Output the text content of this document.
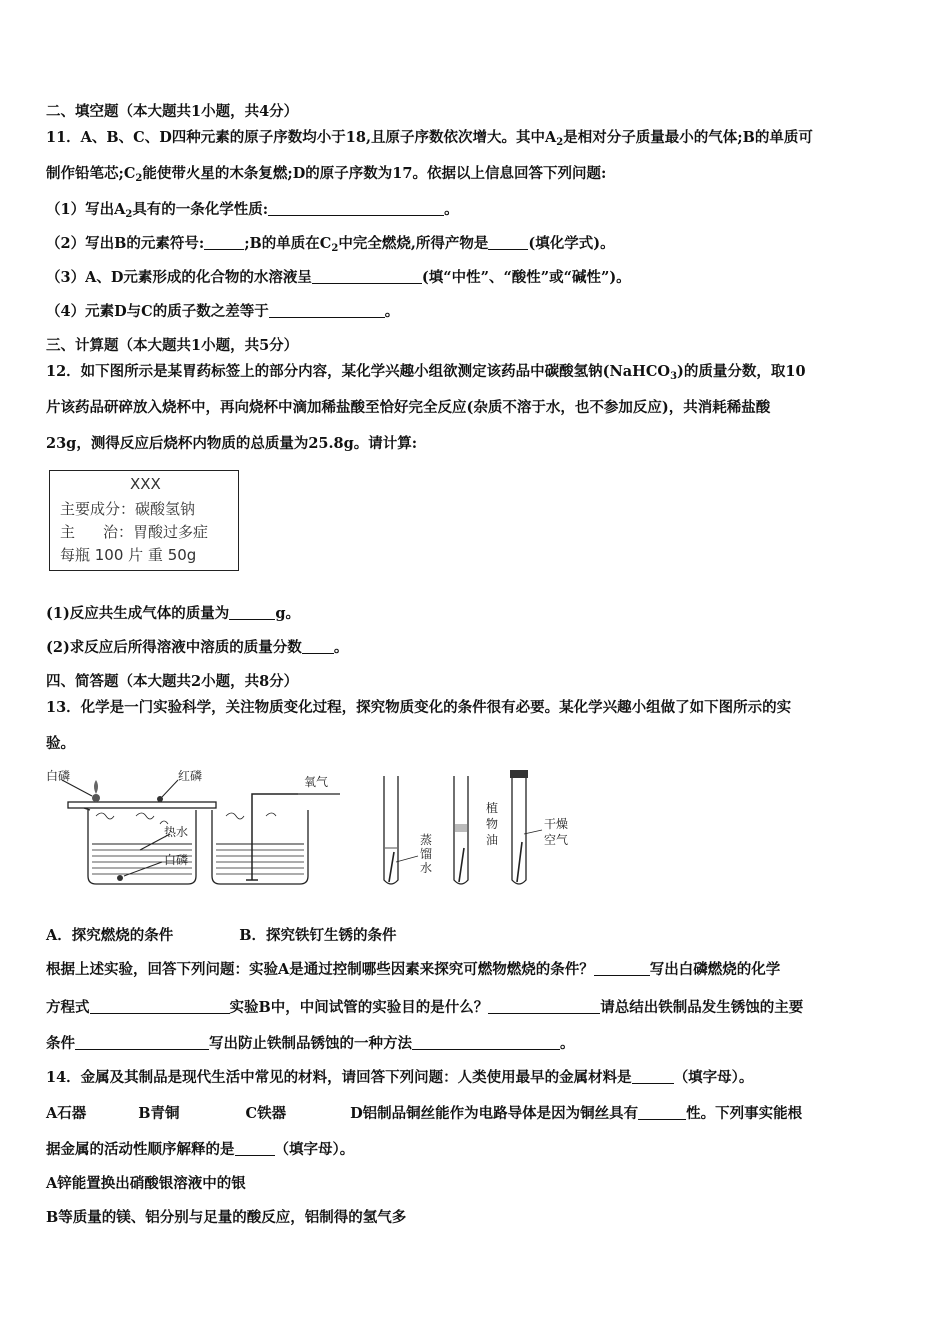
二、填空题（本大题共1小题，共4分）
11．A、B、C、D四种元素的原子序数均小于18,且原子序数依次增大。其中$A_2$是相对分子质量最小的气体;B的单质可
制作铅笔芯$;C_2$能使带火星的木条复燃;D的原子序数为17。依据以上信息回答下列问题:
（1）写出$A_2$具有的一条化学性质:	。
（2）写出B的元素符号:	;B的单质在$C_2$中完全燃烧,所得产物是	(填化学式)。
（3）A、D元素形成的化合物的水溶液呈	(填“中性”、“酸性”或“碱性”)。
（4）元素D与C的质子数之差等于	。
三、计算题（本大题共1小题，共5分）
12．如下图所示是某胃药标签上的部分内容，某化学兴趣小组欲测定该药品中碳酸氢钠(NaHCO$_3$)的质量分数，取10
片该药品研碎放入烧杯中，再向烧杯中滴加稀盐酸至恰好完全反应(杂质不溶于水，也不参加反应)，共消耗稀盐酸
23g，测得反应后烧杯内物质的总质量为25.8g。请计算:
XXX
主要成分：碳酸氢钠
主 治：胃酸过多症
每瓶 100 片 重 50g
(1)反应共生成气体的质量为	g。
(2)求反应后所得溶液中溶质的质量分数 。
四、简答题（本大题共2小题，共8分）
13．化学是一门实验科学，关注物质变化过程，探究物质变化的条件很有必要。某化学兴趣小组做了如下图所示的实
验。
白磷	红磷
热水
白磷
氧气
蒸
馏
水
植
物
油
干燥
空气
A．探究燃烧的条件	B．探究铁钉生锈的条件
根据上述实验，回答下列问题：实验A是通过控制哪些因素来探究可燃物燃烧的条件？	写出白磷燃烧的化学
方程式	实验B中，中间试管的实验目的是什么？	请总结出铁制品发生锈蚀的主要
条件	写出防止铁制品锈蚀的一种方法	。
14．金属及其制品是现代生活中常见的材料，请回答下列问题：人类使用最早的金属材料是	（填字母）。
A石器	B青铜	C铁器	D铝制品铜丝能作为电路导体是因为铜丝具有	性。下列事实能根
据金属的活动性顺序解释的是	（填字母）。
A锌能置换出硝酸银溶液中的银
B等质量的镁、铝分别与足量的酸反应，铝制得的氢气多
